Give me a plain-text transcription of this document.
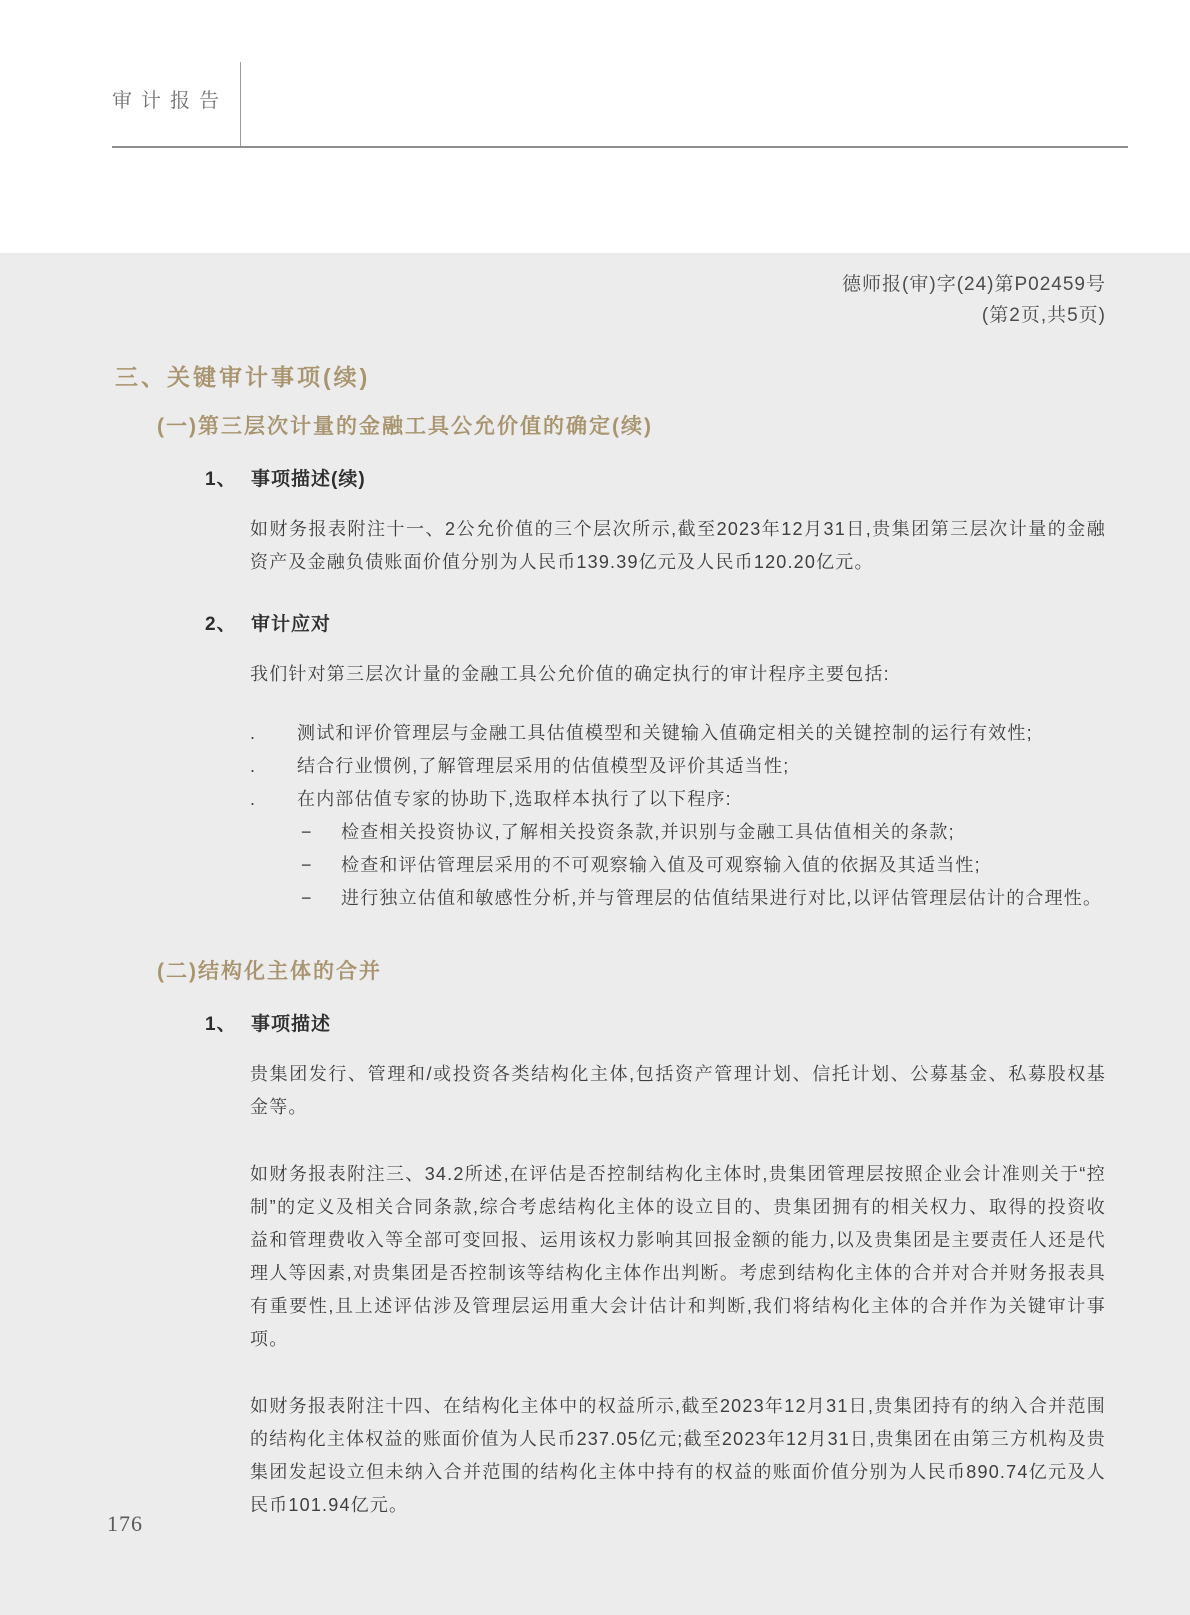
审计报告
德师报(审)字(24)第P02459号
(第2页,共5页)
三、关键审计事项(续)
(一)第三层次计量的金融工具公允价值的确定(续)
1、 事项描述(续)
如财务报表附注十一、2公允价值的三个层次所示,截至2023年12月31日,贵集团第三层次计量的金融资产及金融负债账面价值分别为人民币139.39亿元及人民币120.20亿元。
2、 审计应对
我们针对第三层次计量的金融工具公允价值的确定执行的审计程序主要包括:
.	测试和评价管理层与金融工具估值模型和关键输入值确定相关的关键控制的运行有效性;
.	结合行业惯例,了解管理层采用的估值模型及评价其适当性;
.	在内部估值专家的协助下,选取样本执行了以下程序:
−	检查相关投资协议,了解相关投资条款,并识别与金融工具估值相关的条款;
−	检查和评估管理层采用的不可观察输入值及可观察输入值的依据及其适当性;
−	进行独立估值和敏感性分析,并与管理层的估值结果进行对比,以评估管理层估计的合理性。
(二)结构化主体的合并
1、 事项描述
贵集团发行、管理和/或投资各类结构化主体,包括资产管理计划、信托计划、公募基金、私募股权基金等。
如财务报表附注三、34.2所述,在评估是否控制结构化主体时,贵集团管理层按照企业会计准则关于“控制”的定义及相关合同条款,综合考虑结构化主体的设立目的、贵集团拥有的相关权力、取得的投资收益和管理费收入等全部可变回报、运用该权力影响其回报金额的能力,以及贵集团是主要责任人还是代理人等因素,对贵集团是否控制该等结构化主体作出判断。考虑到结构化主体的合并对合并财务报表具有重要性,且上述评估涉及管理层运用重大会计估计和判断,我们将结构化主体的合并作为关键审计事项。
如财务报表附注十四、在结构化主体中的权益所示,截至2023年12月31日,贵集团持有的纳入合并范围的结构化主体权益的账面价值为人民币237.05亿元;截至2023年12月31日,贵集团在由第三方机构及贵集团发起设立但未纳入合并范围的结构化主体中持有的权益的账面价值分别为人民币890.74亿元及人民币101.94亿元。
176
